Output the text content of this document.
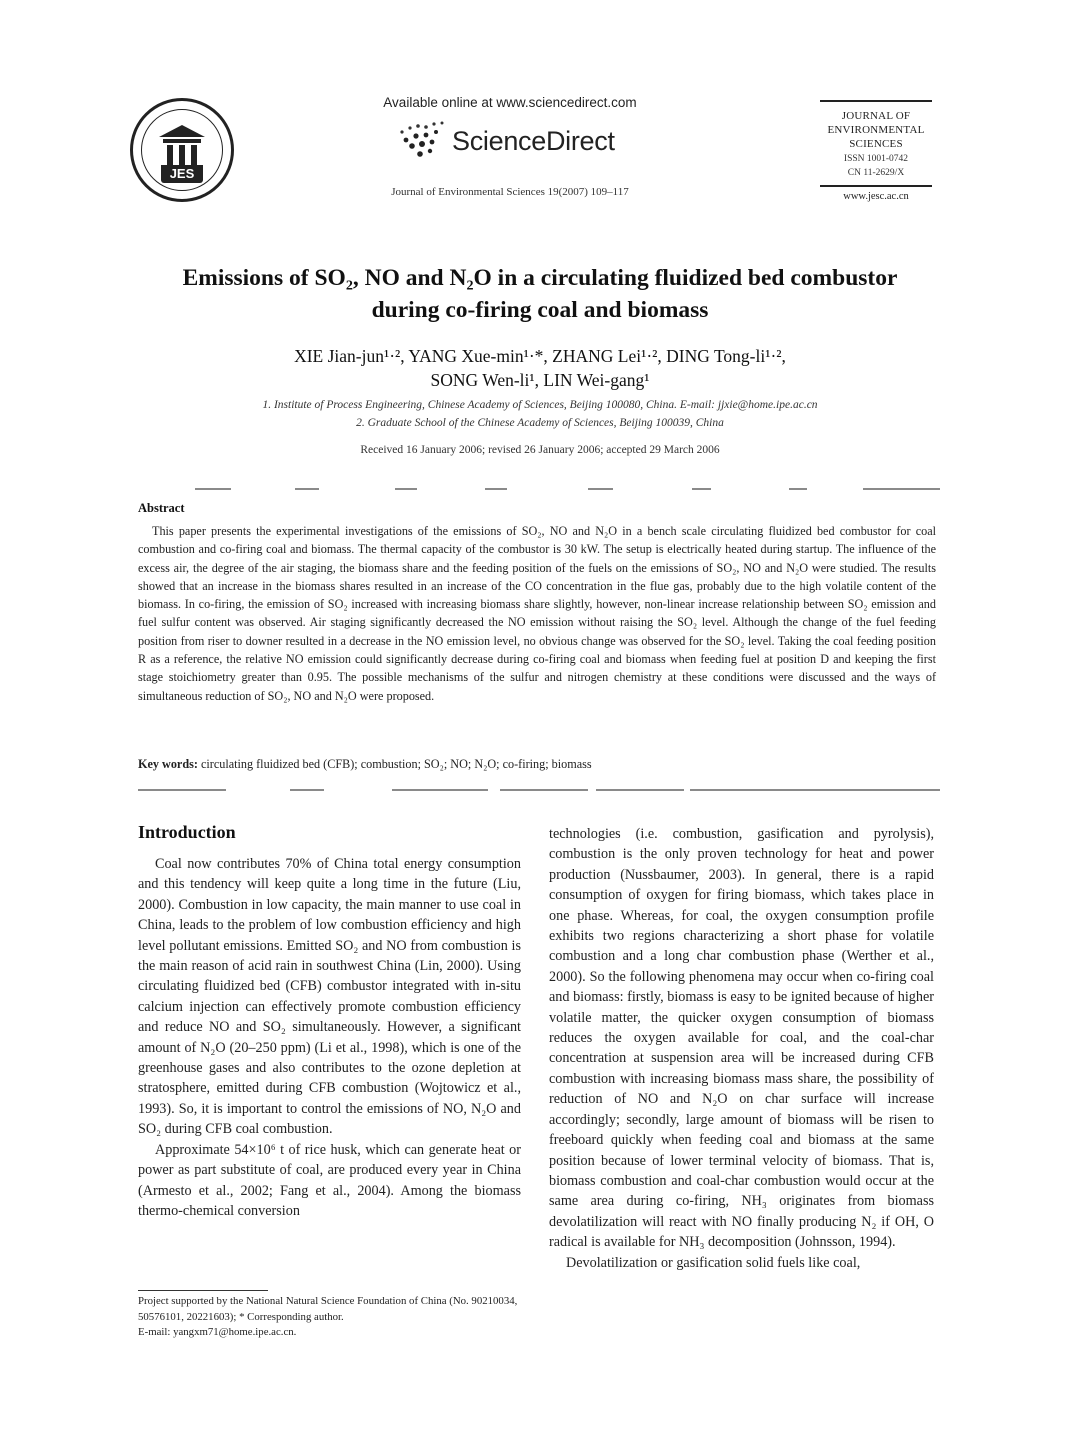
JES
Available online at www.sciencedirect.com
ScienceDirect
Journal of Environmental Sciences 19(2007) 109–117
JOURNAL OF
ENVIRONMENTAL
SCIENCES
ISSN 1001-0742
CN 11-2629/X
www.jesc.ac.cn
Emissions of SO₂, NO and N₂O in a circulating fluidized bed combustor
during co-firing coal and biomass
XIE Jian-jun¹·², YANG Xue-min¹·*, ZHANG Lei¹·², DING Tong-li¹·²,
SONG Wen-li¹, LIN Wei-gang¹
1. Institute of Process Engineering, Chinese Academy of Sciences, Beijing 100080, China. E-mail: jjxie@home.ipe.ac.cn
2. Graduate School of the Chinese Academy of Sciences, Beijing 100039, China
Received 16 January 2006; revised 26 January 2006; accepted 29 March 2006
Abstract
This paper presents the experimental investigations of the emissions of SO₂, NO and N₂O in a bench scale circulating fluidized bed combustor for coal combustion and co-firing coal and biomass. The thermal capacity of the combustor is 30 kW. The setup is electrically heated during startup. The influence of the excess air, the degree of the air staging, the biomass share and the feeding position of the fuels on the emissions of SO₂, NO and N₂O were studied. The results showed that an increase in the biomass shares resulted in an increase of the CO concentration in the flue gas, probably due to the high volatile content of the biomass. In co-firing, the emission of SO₂ increased with increasing biomass share slightly, however, non-linear increase relationship between SO₂ emission and fuel sulfur content was observed. Air staging significantly decreased the NO emission without raising the SO₂ level. Although the change of the fuel feeding position from riser to downer resulted in a decrease in the NO emission level, no obvious change was observed for the SO₂ level. Taking the coal feeding position R as a reference, the relative NO emission could significantly decrease during co-firing coal and biomass when feeding fuel at position D and keeping the first stage stoichiometry greater than 0.95. The possible mechanisms of the sulfur and nitrogen chemistry at these conditions were discussed and the ways of simultaneous reduction of SO₂, NO and N₂O were proposed.
Key words: circulating fluidized bed (CFB); combustion; SO₂; NO; N₂O; co-firing; biomass
Introduction

Coal now contributes 70% of China total energy consumption and this tendency will keep quite a long time in the future (Liu, 2000). Combustion in low capacity, the main manner to use coal in China, leads to the problem of low combustion efficiency and high level pollutant emissions. Emitted SO₂ and NO from combustion is the main reason of acid rain in southwest China (Lin, 2000). Using circulating fluidized bed (CFB) combustor integrated with in-situ calcium injection can effectively promote combustion efficiency and reduce NO and SO₂ simultaneously. However, a significant amount of N₂O (20–250 ppm) (Li et al., 1998), which is one of the greenhouse gases and also contributes to the ozone depletion at stratosphere, emitted during CFB combustion (Wojtowicz et al., 1993). So, it is important to control the emissions of NO, N₂O and SO₂ during CFB coal combustion.

Approximate 54×10⁶ t of rice husk, which can generate heat or power as part substitute of coal, are produced every year in China (Armesto et al., 2002; Fang et al., 2004). Among the biomass thermo-chemical conversion

technologies (i.e. combustion, gasification and pyrolysis), combustion is the only proven technology for heat and power production (Nussbaumer, 2003). In general, there is a rapid consumption of oxygen for firing biomass, which takes place in one phase. Whereas, for coal, the oxygen consumption profile exhibits two regions characterizing a short phase for volatile combustion and a long char combustion phase (Werther et al., 2000). So the following phenomena may occur when co-firing coal and biomass: firstly, biomass is easy to be ignited because of higher volatile matter, the quicker oxygen consumption of biomass reduces the oxygen available for coal, and the coal-char concentration at suspension area will be increased during CFB combustion with increasing biomass mass share, the possibility of reduction of NO and N₂O on char surface will increase accordingly; secondly, large amount of biomass will be risen to freeboard quickly when feeding coal and biomass at the same position because of lower terminal velocity of biomass. That is, biomass combustion and coal-char combustion would occur at the same area during co-firing, NH₃ originates from biomass devolatilization will react with NO finally producing N₂ if OH, O radical is available for NH₃ decomposition (Johnsson, 1994).

Devolatilization or gasification solid fuels like coal,

Project supported by the National Natural Science Foundation of China (No. 90210034, 50576101, 20221603); * Corresponding author.
E-mail: yangxm71@home.ipe.ac.cn.
